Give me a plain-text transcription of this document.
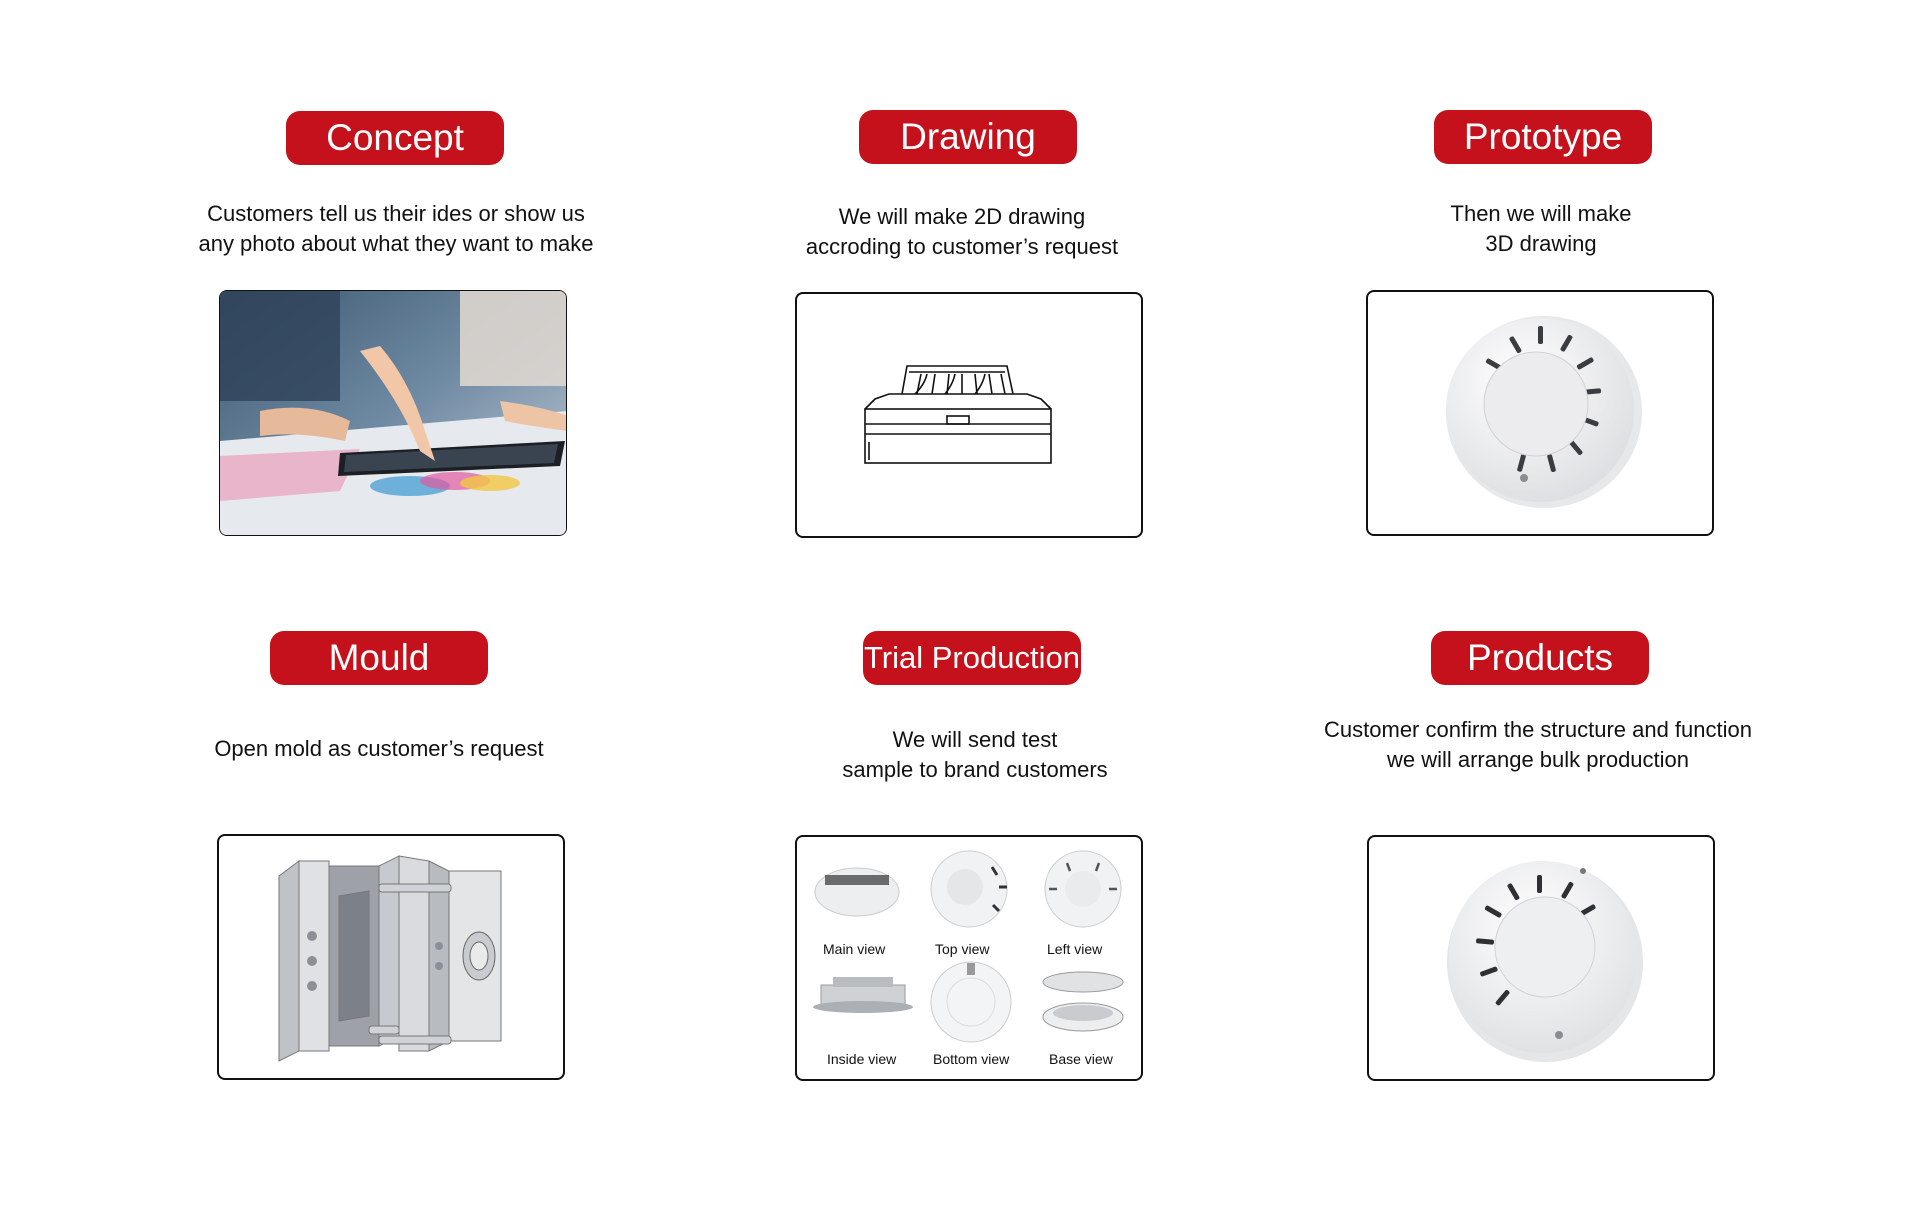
Concept
Customers tell us their ides or show us
any photo about what they want to make
Drawing
We will make 2D drawing
accroding to customer’s request
Prototype
Then we will make
3D drawing
Mould
Open mold as customer’s request
Trial Production
We will send test
sample to brand customers
Main view	Top view	Left view
Inside view	Bottom view	Base view
Products
Customer confirm the structure and function
we will arrange bulk production
